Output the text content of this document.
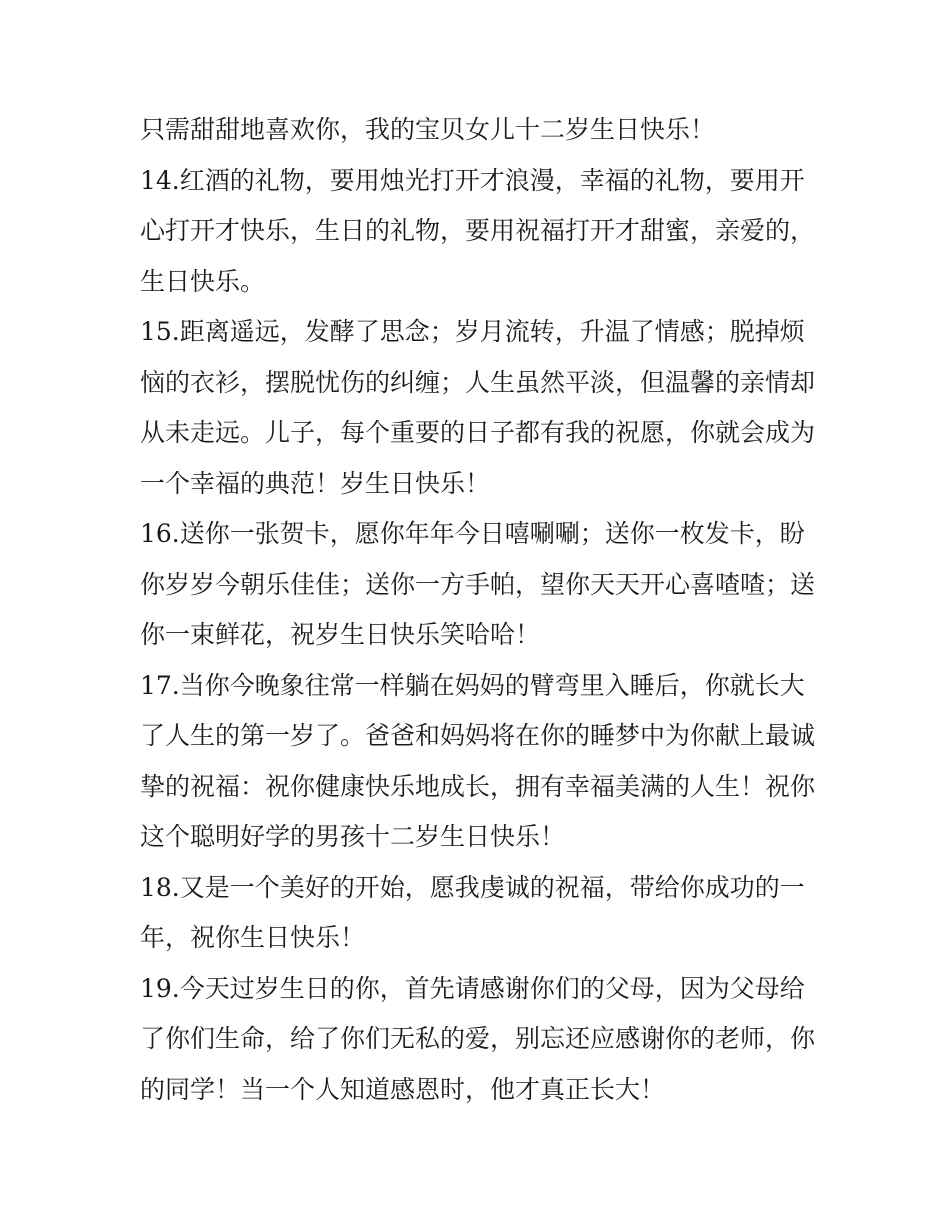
只需甜甜地喜欢你，我的宝贝女儿十二岁生日快乐！
14.红酒的礼物，要用烛光打开才浪漫，幸福的礼物，要用开
心打开才快乐，生日的礼物，要用祝福打开才甜蜜，亲爱的，
生日快乐。
15.距离遥远，发酵了思念；岁月流转，升温了情感；脱掉烦
恼的衣衫，摆脱忧伤的纠缠；人生虽然平淡，但温馨的亲情却
从未走远。儿子，每个重要的日子都有我的祝愿，你就会成为
一个幸福的典范！岁生日快乐！
16.送你一张贺卡，愿你年年今日嘻唰唰；送你一枚发卡，盼
你岁岁今朝乐佳佳；送你一方手帕，望你天天开心喜喳喳；送
你一束鲜花，祝岁生日快乐笑哈哈！
17.当你今晚象往常一样躺在妈妈的臂弯里入睡后，你就长大
了人生的第一岁了。爸爸和妈妈将在你的睡梦中为你献上最诚
挚的祝福：祝你健康快乐地成长，拥有幸福美满的人生！祝你
这个聪明好学的男孩十二岁生日快乐！
18.又是一个美好的开始，愿我虔诚的祝福，带给你成功的一
年，祝你生日快乐！
19.今天过岁生日的你，首先请感谢你们的父母，因为父母给
了你们生命，给了你们无私的爱，别忘还应感谢你的老师，你
的同学！当一个人知道感恩时，他才真正长大！
